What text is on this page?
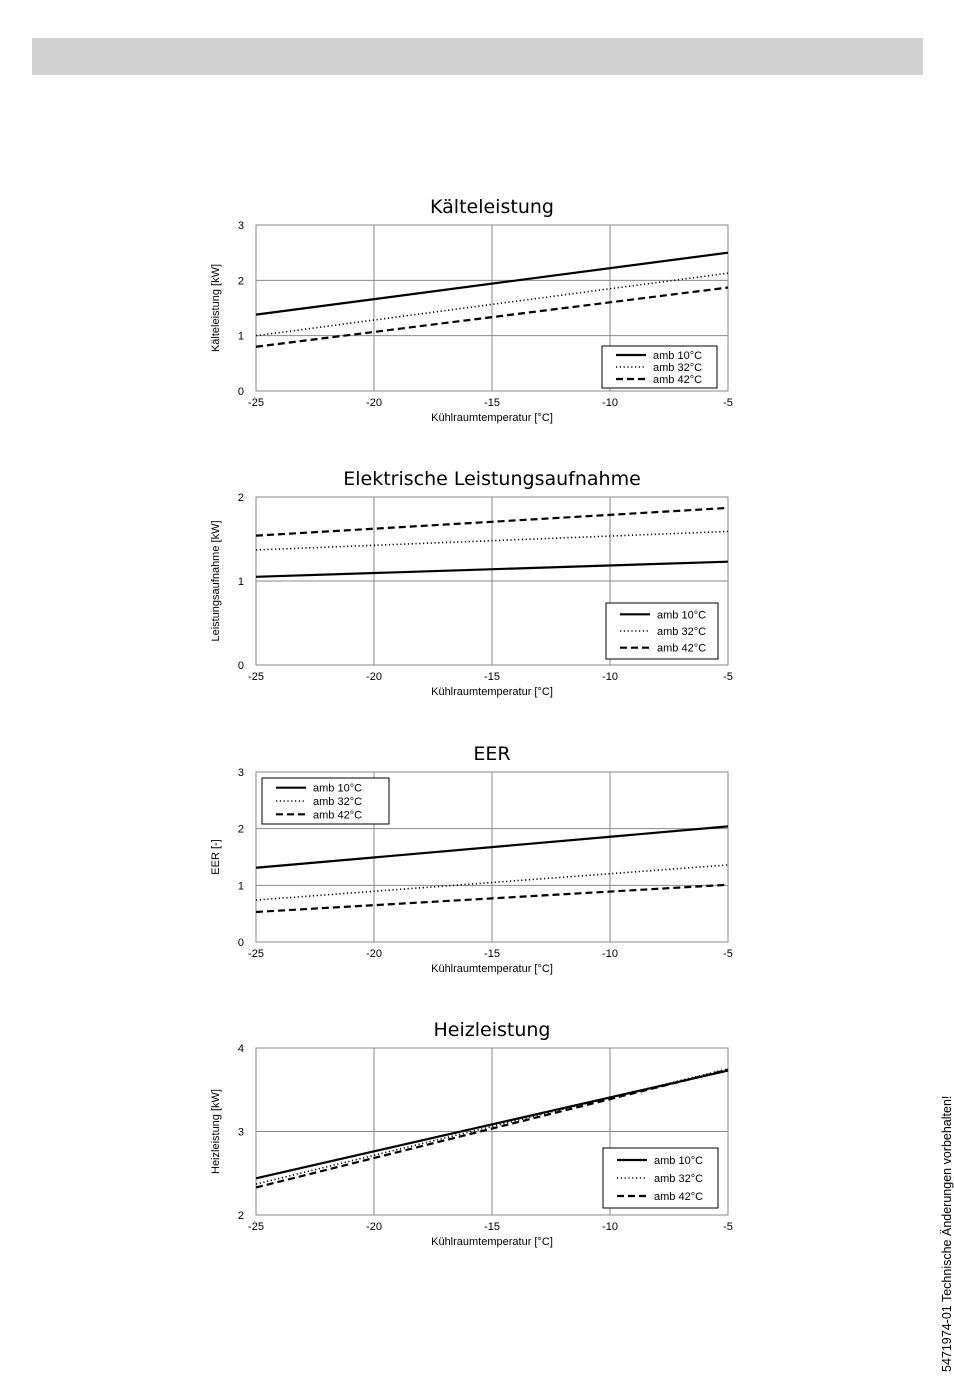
Kälteleistung
-25	-20	-15	-10	-5
0
1
2
3
Kühlraumtemperatur [°C]
Kälteleistung [kW]
amb 10°C
amb 32°C
amb 42°C
Elektrische Leistungsaufnahme
-25	-20	-15	-10	-5
0
1
2
Kühlraumtemperatur [°C]
Leistungsaufnahme [kW]	amb 10°C
amb 32°C
amb 42°C
EER
-25	-20	-15	-10	-5
0
1
2
3
Kühlraumtemperatur [°C]
EER [-]
amb 10°C
amb 32°C
amb 42°C
Heizleistung
-25	-20	-15	-10	-5
2
3
4
Kühlraumtemperatur [°C]
Heizleistung [kW]	amb 10°C
amb 32°C
amb 42°C	5471974-01 Technische Änderungen vorbehalten!
